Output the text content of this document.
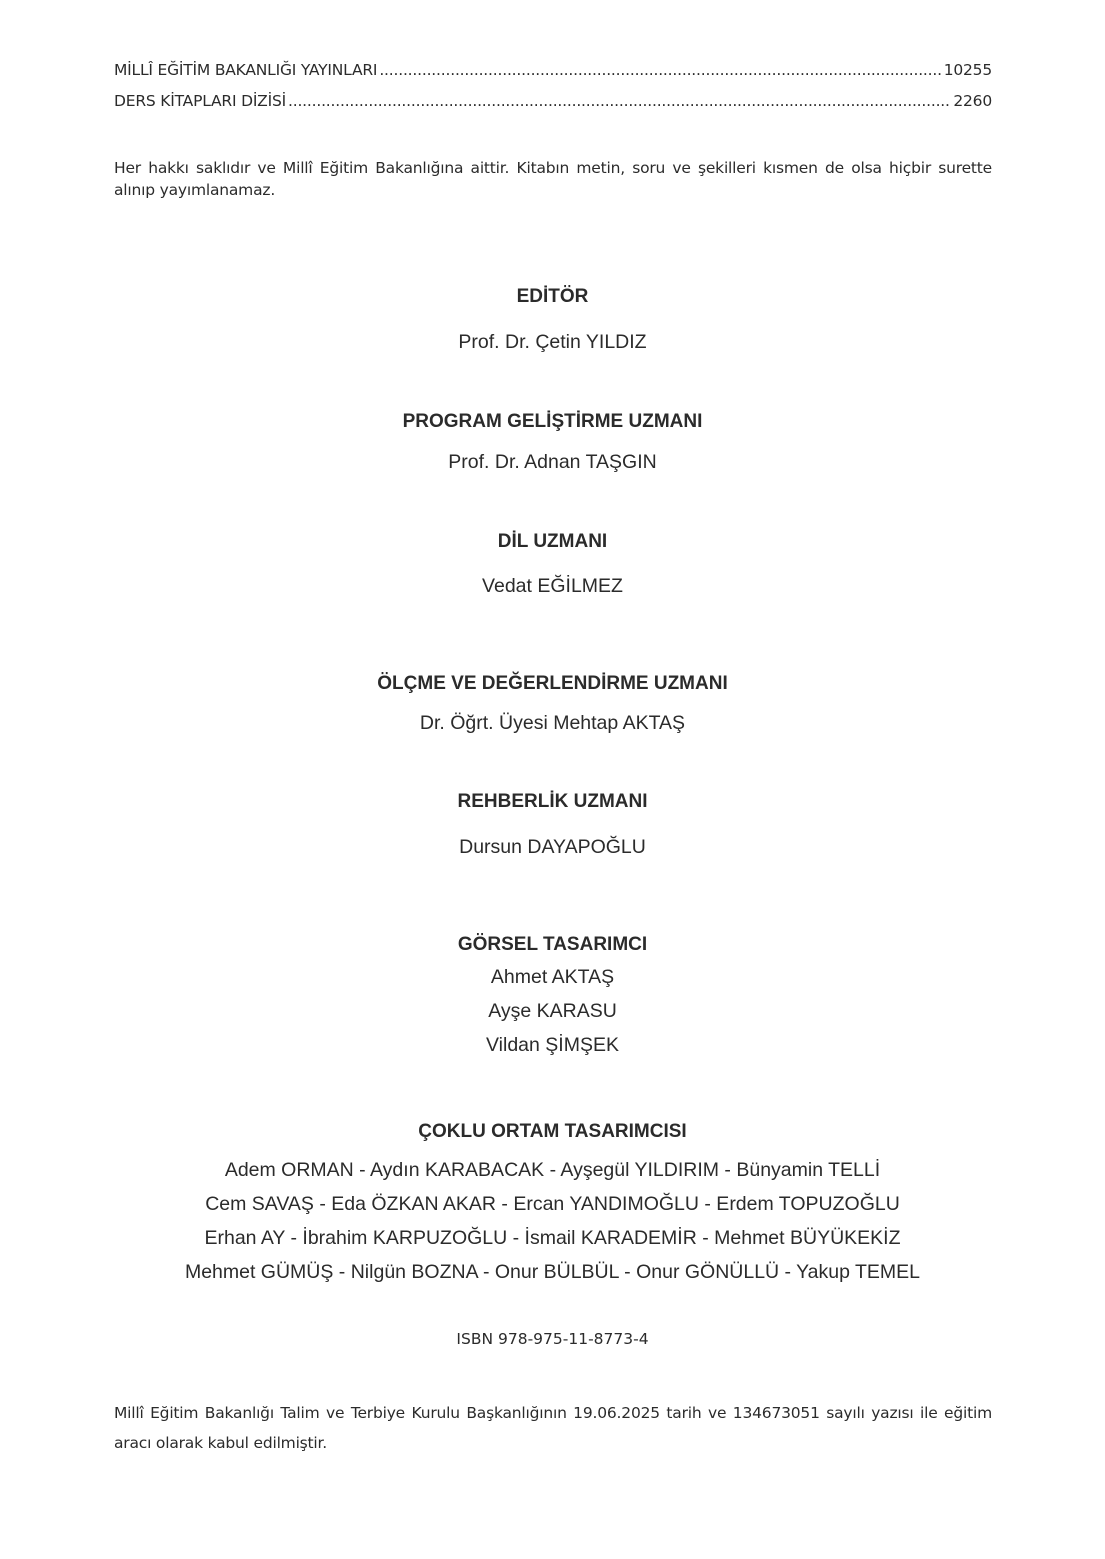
MİLLÎ EĞİTİM BAKANLIĞI YAYINLARI .....	10255
DERS KİTAPLARI DİZİSİ .....	2260
Her hakkı saklıdır ve Millî Eğitim Bakanlığına aittir. Kitabın metin, soru ve şekilleri kısmen de olsa hiçbir surette alınıp yayımlanamaz.
EDİTÖR
Prof. Dr. Çetin YILDIZ
PROGRAM GELİŞTİRME UZMANI
Prof. Dr. Adnan TAŞGIN
DİL UZMANI
Vedat EĞİLMEZ
ÖLÇME VE DEĞERLENDİRME UZMANI
Dr. Öğrt. Üyesi Mehtap AKTAŞ
REHBERLİK UZMANI
Dursun DAYAPOĞLU
GÖRSEL TASARIMCI
Ahmet AKTAŞ
Ayşe KARASU
Vildan ŞİMŞEK
ÇOKLU ORTAM TASARIMCISI
Adem ORMAN - Aydın KARABACAK - Ayşegül YILDIRIM - Bünyamin TELLİ
Cem SAVAŞ - Eda ÖZKAN AKAR - Ercan YANDIMOĞLU - Erdem TOPUZOĞLU
Erhan AY - İbrahim KARPUZOĞLU - İsmail KARADEMİR - Mehmet BÜYÜKEKİZ
Mehmet GÜMÜŞ - Nilgün BOZNA - Onur BÜLBÜL - Onur GÖNÜLLÜ - Yakup TEMEL
ISBN 978-975-11-8773-4
Millî Eğitim Bakanlığı Talim ve Terbiye Kurulu Başkanlığının 19.06.2025 tarih ve 134673051 sayılı yazısı ile eğitim aracı olarak kabul edilmiştir.
